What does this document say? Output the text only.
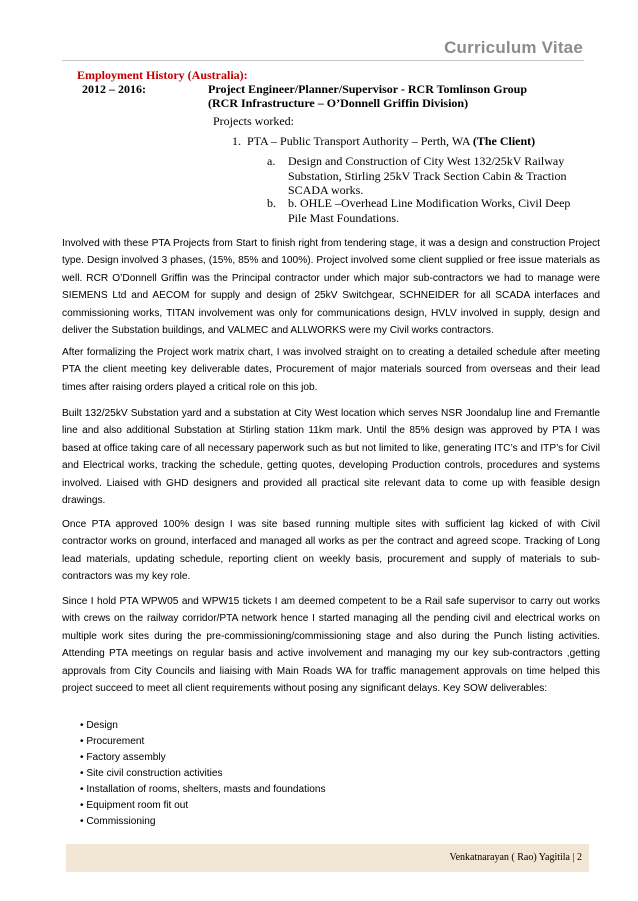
Curriculum Vitae
Employment History (Australia):
2012 – 2016:	Project Engineer/Planner/Supervisor - RCR Tomlinson Group
(RCR Infrastructure – O’Donnell Griffin Division)
Projects worked:
1. PTA – Public Transport Authority – Perth, WA (The Client)
a. Design and Construction of City West 132/25kV Railway Substation, Stirling 25kV Track Section Cabin & Traction SCADA works.
b. b. OHLE –Overhead Line Modification Works, Civil Deep Pile Mast Foundations.
Involved with these PTA Projects from Start to finish right from tendering stage, it was a design and construction Project type. Design involved 3 phases, (15%, 85% and 100%). Project involved some client supplied or free issue materials as well. RCR O’Donnell Griffin was the Principal contractor under which major sub-contractors we had to manage were SIEMENS Ltd and AECOM for supply and design of 25kV Switchgear, SCHNEIDER for all SCADA interfaces and commissioning works, TITAN involvement was only for communications design, HVLV involved in supply, design and deliver the Substation buildings, and VALMEC and ALLWORKS were my Civil works contractors.
After formalizing the Project work matrix chart, I was involved straight on to creating a detailed schedule after meeting PTA the client meeting key deliverable dates, Procurement of major materials sourced from overseas and their lead times after raising orders played a critical role on this job.
Built 132/25kV Substation yard and a substation at City West location which serves NSR Joondalup line and Fremantle line and also additional Substation at Stirling station 11km mark. Until the 85% design was approved by PTA I was based at office taking care of all necessary paperwork such as but not limited to like, generating ITC’s and ITP’s for Civil and Electrical works, tracking the schedule, getting quotes, developing Production controls, procedures and systems involved. Liaised with GHD designers and provided all practical site relevant data to come up with feasible design drawings.
Once PTA approved 100% design I was site based running multiple sites with sufficient lag kicked of with Civil contractor works on ground, interfaced and managed all works as per the contract and agreed scope. Tracking of Long lead materials, updating schedule, reporting client on weekly basis, procurement and supply of materials to sub-contractors was my key role.
Since I hold PTA WPW05 and WPW15 tickets I am deemed competent to be a Rail safe supervisor to carry out works with crews on the railway corridor/PTA network hence I started managing all the pending civil and electrical works on multiple work sites during the pre-commissioning/commissioning stage and also during the Punch listing activities. Attending PTA meetings on regular basis and active involvement and managing my our key sub-contractors ,getting approvals from City Councils and liaising with Main Roads WA for traffic management approvals on time helped this project succeed to meet all client requirements without posing any significant delays. Key SOW deliverables:
• Design
• Procurement
• Factory assembly
• Site civil construction activities
• Installation of rooms, shelters, masts and foundations
• Equipment room fit out
• Commissioning
Venkatnarayan ( Rao) Yagitila | 2
